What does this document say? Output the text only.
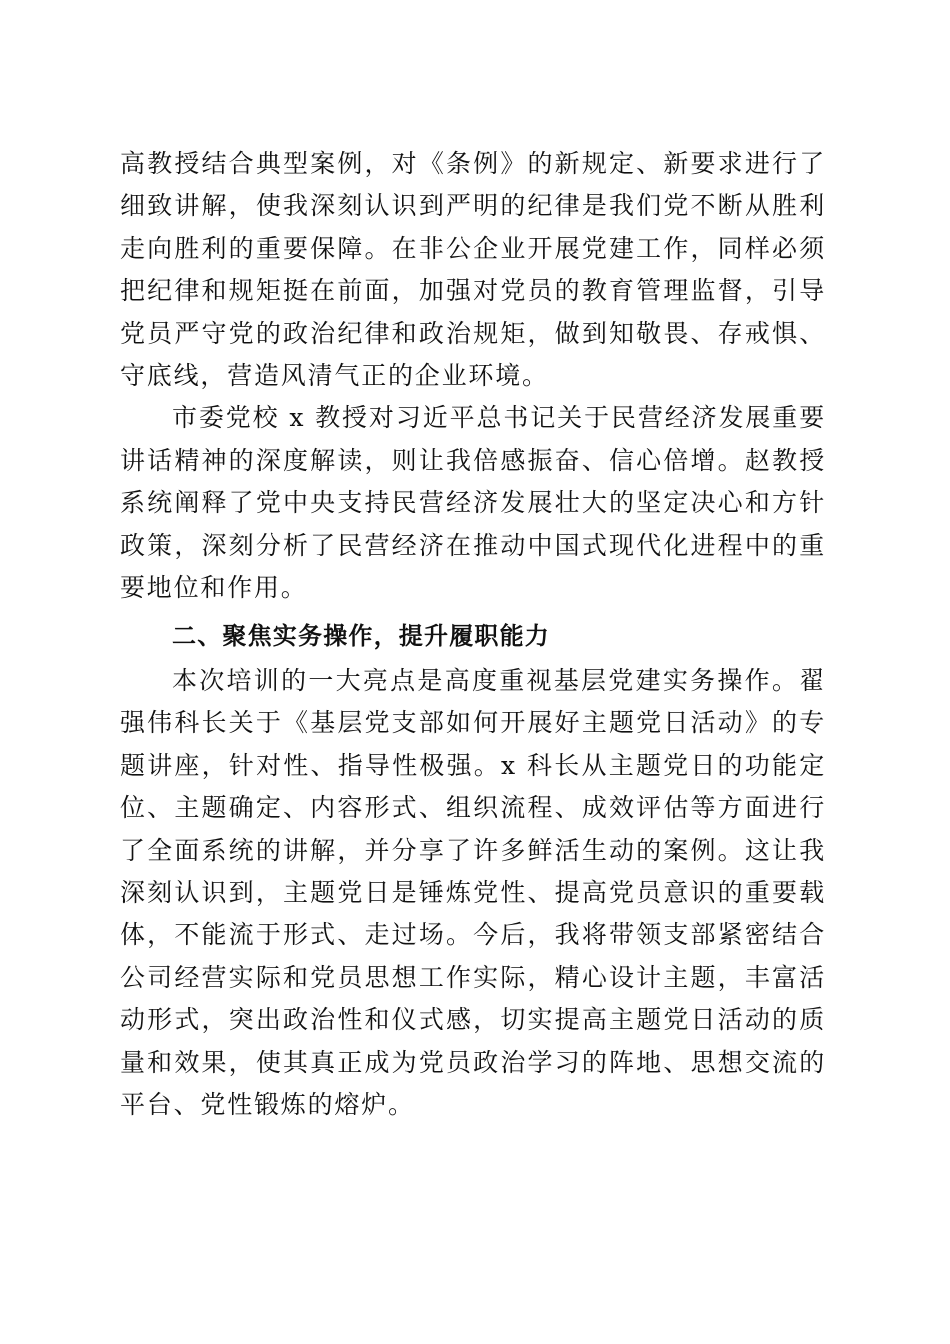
高教授结合典型案例，对《条例》的新规定、新要求进行了细致讲解，使我深刻认识到严明的纪律是我们党不断从胜利走向胜利的重要保障。在非公企业开展党建工作，同样必须把纪律和规矩挺在前面，加强对党员的教育管理监督，引导党员严守党的政治纪律和政治规矩，做到知敬畏、存戒惧、守底线，营造风清气正的企业环境。

市委党校 x 教授对习近平总书记关于民营经济发展重要讲话精神的深度解读，则让我倍感振奋、信心倍增。赵教授系统阐释了党中央支持民营经济发展壮大的坚定决心和方针政策，深刻分析了民营经济在推动中国式现代化进程中的重要地位和作用。

二、聚焦实务操作，提升履职能力

本次培训的一大亮点是高度重视基层党建实务操作。翟强伟科长关于《基层党支部如何开展好主题党日活动》的专题讲座，针对性、指导性极强。x 科长从主题党日的功能定位、主题确定、内容形式、组织流程、成效评估等方面进行了全面系统的讲解，并分享了许多鲜活生动的案例。这让我深刻认识到，主题党日是锤炼党性、提高党员意识的重要载体，不能流于形式、走过场。今后，我将带领支部紧密结合公司经营实际和党员思想工作实际，精心设计主题，丰富活动形式，突出政治性和仪式感，切实提高主题党日活动的质量和效果，使其真正成为党员政治学习的阵地、思想交流的平台、党性锻炼的熔炉。
